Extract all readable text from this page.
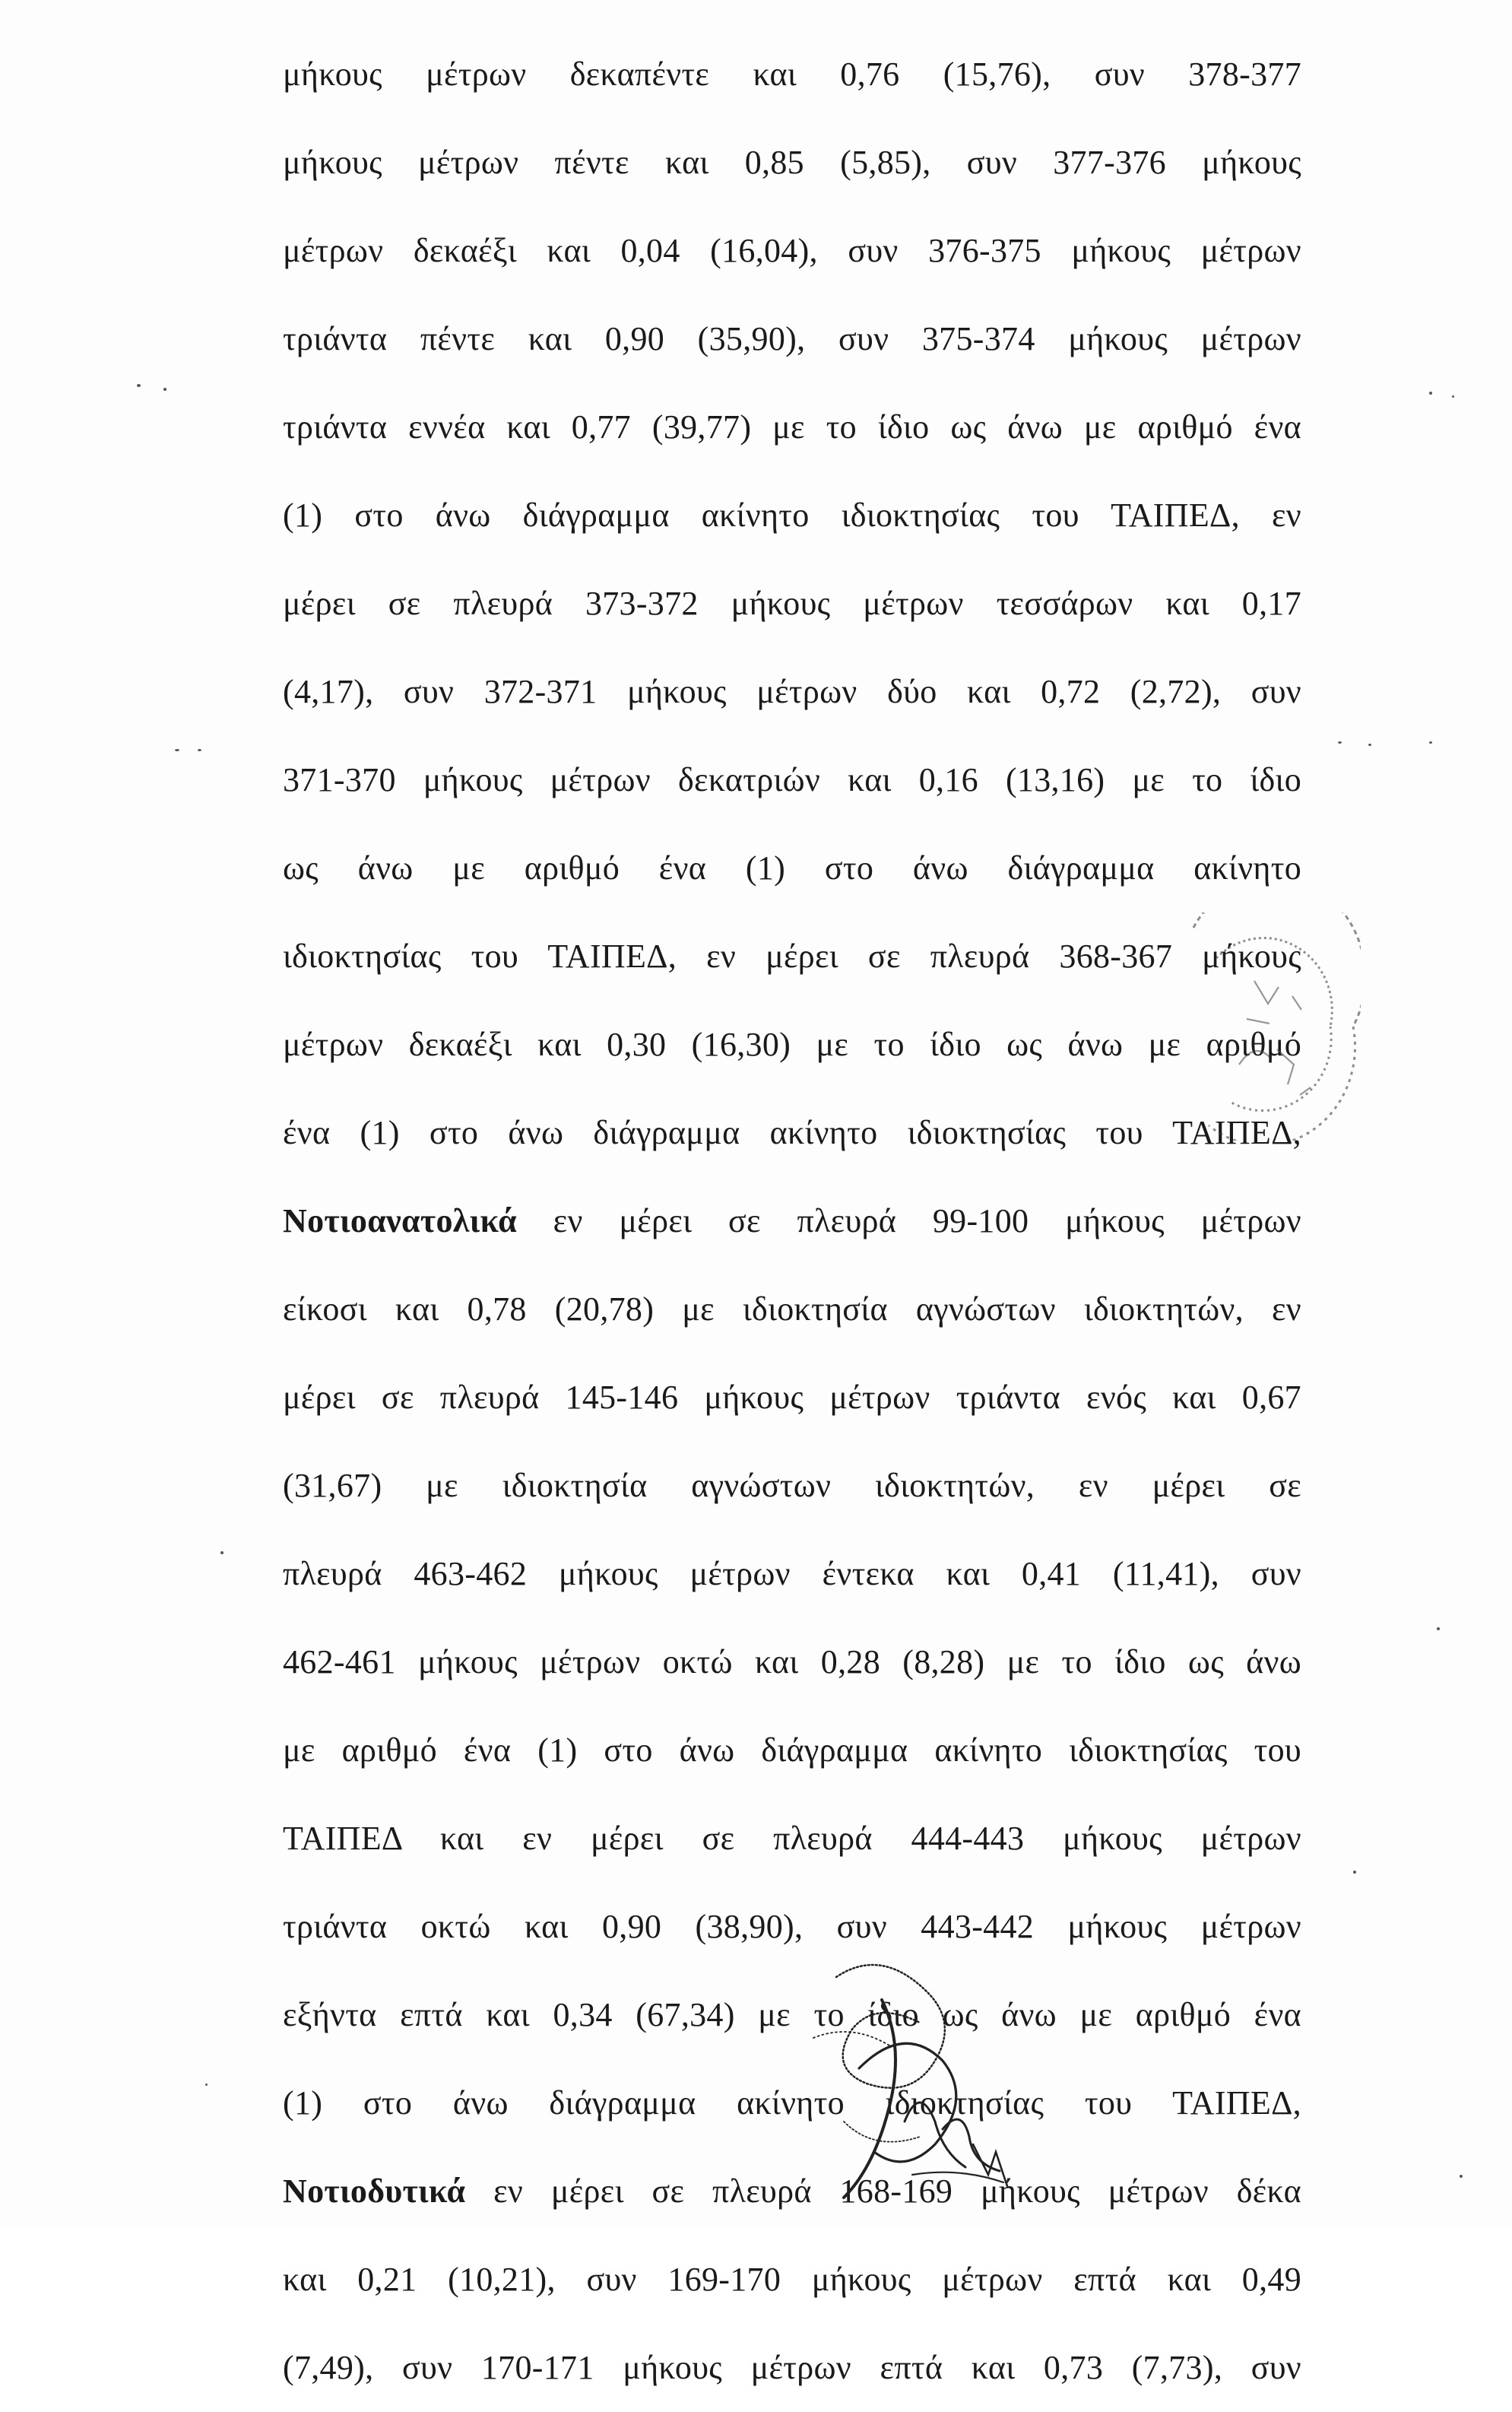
μήκους μέτρων δεκαπέντε και 0,76 (15,76), συν 378-377
μήκους μέτρων πέντε και 0,85 (5,85), συν 377-376 μήκους
μέτρων δεκαέξι και 0,04 (16,04), συν 376-375 μήκους μέτρων
τριάντα πέντε και 0,90 (35,90), συν 375-374 μήκους μέτρων
τριάντα εννέα και 0,77 (39,77) με το ίδιο ως άνω με αριθμό ένα
(1) στο άνω διάγραμμα ακίνητο ιδιοκτησίας του ΤΑΙΠΕΔ, εν
μέρει σε πλευρά 373-372 μήκους μέτρων τεσσάρων και 0,17
(4,17), συν 372-371 μήκους μέτρων δύο και 0,72 (2,72), συν
371-370 μήκους μέτρων δεκατριών και 0,16 (13,16) με το ίδιο
ως άνω με αριθμό ένα (1) στο άνω διάγραμμα ακίνητο
ιδιοκτησίας του ΤΑΙΠΕΔ, εν μέρει σε πλευρά 368-367 μήκους
μέτρων δεκαέξι και 0,30 (16,30) με το ίδιο ως άνω με αριθμό
ένα (1) στο άνω διάγραμμα ακίνητο ιδιοκτησίας του ΤΑΙΠΕΔ,
Νοτιοανατολικά εν μέρει σε πλευρά 99-100 μήκους μέτρων
είκοσι και 0,78 (20,78) με ιδιοκτησία αγνώστων ιδιοκτητών, εν
μέρει σε πλευρά 145-146 μήκους μέτρων τριάντα ενός και 0,67
(31,67) με ιδιοκτησία αγνώστων ιδιοκτητών, εν μέρει σε
πλευρά 463-462 μήκους μέτρων έντεκα και 0,41 (11,41), συν
462-461 μήκους μέτρων οκτώ και 0,28 (8,28) με το ίδιο ως άνω
με αριθμό ένα (1) στο άνω διάγραμμα ακίνητο ιδιοκτησίας του
ΤΑΙΠΕΔ και εν μέρει σε πλευρά 444-443 μήκους μέτρων
τριάντα οκτώ και 0,90 (38,90), συν 443-442 μήκους μέτρων
εξήντα επτά και 0,34 (67,34) με το ίδιο ως άνω με αριθμό ένα
(1) στο άνω διάγραμμα ακίνητο ιδιοκτησίας του ΤΑΙΠΕΔ,
Νοτιοδυτικά εν μέρει σε πλευρά 168-169 μήκους μέτρων δέκα
και 0,21 (10,21), συν 169-170 μήκους μέτρων επτά και 0,49
(7,49), συν 170-171 μήκους μέτρων επτά και 0,73 (7,73), συν
